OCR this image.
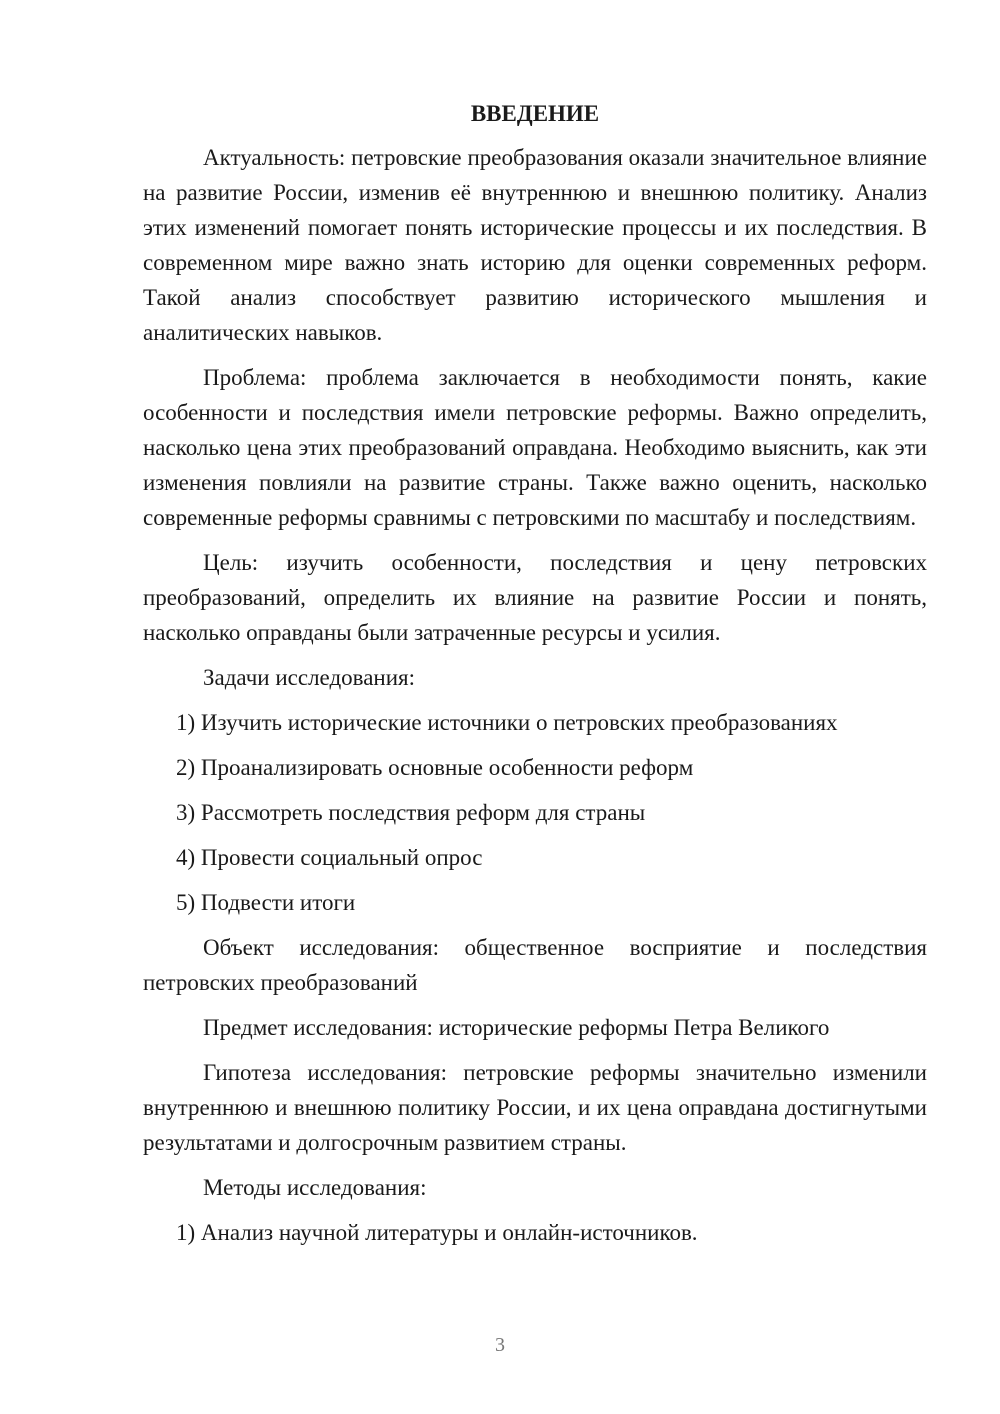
ВВЕДЕНИЕ
Актуальность: петровские преобразования оказали значительное влияние на развитие России, изменив её внутреннюю и внешнюю политику. Анализ этих изменений помогает понять исторические процессы и их последствия. В современном мире важно знать историю для оценки современных реформ. Такой анализ способствует развитию исторического мышления и аналитических навыков.
Проблема: проблема заключается в необходимости понять, какие особенности и последствия имели петровские реформы. Важно определить, насколько цена этих преобразований оправдана. Необходимо выяснить, как эти изменения повлияли на развитие страны. Также важно оценить, насколько современные реформы сравнимы с петровскими по масштабу и последствиям.
Цель: изучить особенности, последствия и цену петровских преобразований, определить их влияние на развитие России и понять, насколько оправданы были затраченные ресурсы и усилия.
Задачи исследования:
1) Изучить исторические источники о петровских преобразованиях
2) Проанализировать основные особенности реформ
3) Рассмотреть последствия реформ для страны
4) Провести социальный опрос
5) Подвести итоги
Объект исследования: общественное восприятие и последствия петровских преобразований
Предмет исследования: исторические реформы Петра Великого
Гипотеза исследования: петровские реформы значительно изменили внутреннюю и внешнюю политику России, и их цена оправдана достигнутыми результатами и долгосрочным развитием страны.
Методы исследования:
1) Анализ научной литературы и онлайн-источников.
3
